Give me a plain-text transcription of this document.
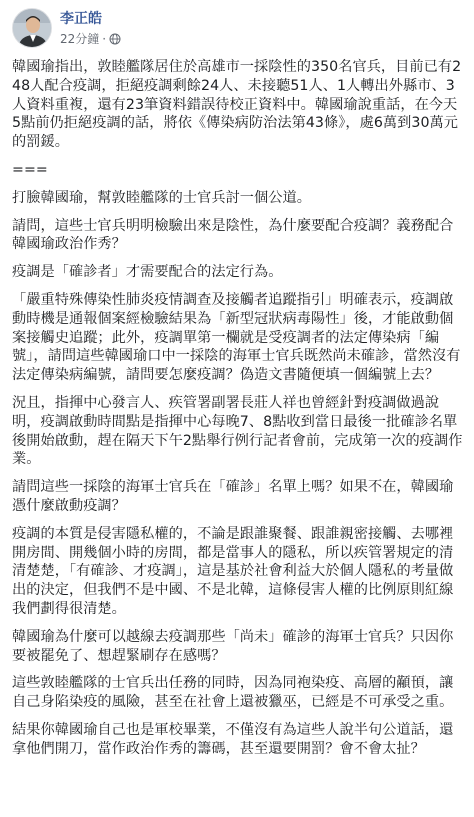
李正皓
22分鐘 ·

韓國瑜指出，敦睦艦隊居住於高雄市一採陰性的350名官兵，目前已有248人配合疫調，拒絕疫調剩餘24人、未接聽51人、1人轉出外縣市、3人資料重複，還有23筆資料錯誤待校正資料中。韓國瑜說重話，在今天5點前仍拒絕疫調的話，將依《傳染病防治法第43條》，處6萬到30萬元的罰鍰。

===

打臉韓國瑜，幫敦睦艦隊的士官兵討一個公道。

請問，這些士官兵明明檢驗出來是陰性，為什麼要配合疫調？義務配合韓國瑜政治作秀？

疫調是「確診者」才需要配合的法定行為。

「嚴重特殊傳染性肺炎疫情調查及接觸者追蹤指引」明確表示，疫調啟動時機是通報個案經檢驗結果為「新型冠狀病毒陽性」後，才能啟動個案接觸史追蹤；此外，疫調單第一欄就是受疫調者的法定傳染病「編號」，請問這些韓國瑜口中一採陰的海軍士官兵既然尚未確診，當然沒有法定傳染病編號，請問要怎麼疫調？偽造文書隨便填一個編號上去？

況且，指揮中心發言人、疾管署副署長莊人祥也曾經針對疫調做過說明，疫調啟動時間點是指揮中心每晚7、8點收到當日最後一批確診名單後開始啟動，趕在隔天下午2點舉行例行記者會前，完成第一次的疫調作業。

請問這些一採陰的海軍士官兵在「確診」名單上嗎？如果不在，韓國瑜憑什麼啟動疫調？

疫調的本質是侵害隱私權的，不論是跟誰聚餐、跟誰親密接觸、去哪裡開房間、開幾個小時的房間，都是當事人的隱私，所以疾管署規定的清清楚楚，「有確診、才疫調」，這是基於社會利益大於個人隱私的考量做出的決定，但我們不是中國、不是北韓，這條侵害人權的比例原則紅線我們劃得很清楚。

韓國瑜為什麼可以越線去疫調那些「尚未」確診的海軍士官兵？只因你要被罷免了、想趕緊刷存在感嗎？

這些敦睦艦隊的士官兵出任務的同時，因為同袍染疫、高層的顢頇，讓自己身陷染疫的風險，甚至在社會上還被獵巫，已經是不可承受之重。

結果你韓國瑜自己也是軍校畢業，不僅沒有為這些人說半句公道話，還拿他們開刀，當作政治作秀的籌碼，甚至還要開罰？會不會太扯？
